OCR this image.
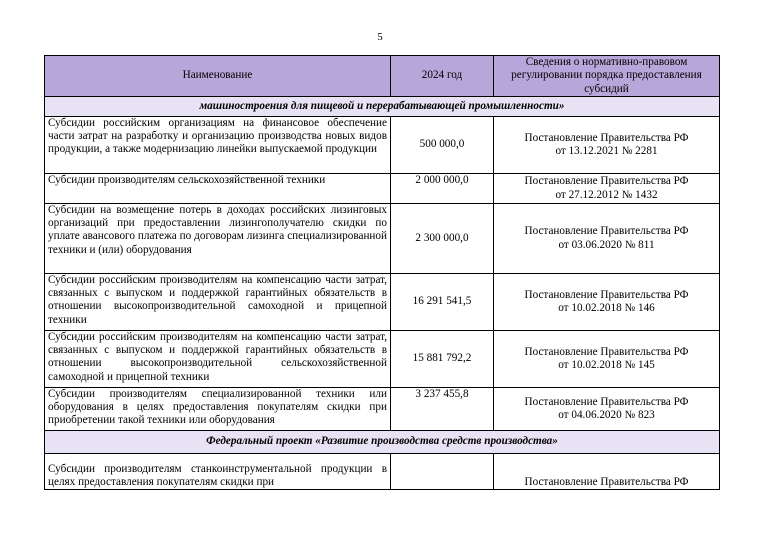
5
Наименование	2024 год	Сведения о нормативно-правовом регулировании порядка предоставления субсидий
машиностроения для пищевой и перерабатывающей промышленности»		
Субсидии российским организациям на финансовое обеспечение части затрат на разработку и организацию производства новых видов продукции, а также модернизацию линейки выпускаемой продукции	500 000,0	Постановление Правительства РФ
от 13.12.2021 № 2281
Субсидии производителям сельскохозяйственной техники	2 000 000,0	Постановление Правительства РФ
от 27.12.2012 № 1432
Субсидии на возмещение потерь в доходах российских лизинговых организаций при предоставлении лизингополучателю скидки по уплате авансового платежа по договорам лизинга специализированной техники и (или) оборудования	2 300 000,0	Постановление Правительства РФ
от 03.06.2020 № 811
Субсидии российским производителям на компенсацию части затрат, связанных с выпуском и поддержкой гарантийных обязательств в отношении высокопроизводительной самоходной и прицепной техники	16 291 541,5	Постановление Правительства РФ
от 10.02.2018 № 146
Субсидии российским производителям на компенсацию части затрат, связанных с выпуском и поддержкой гарантийных обязательств в отношении высокопроизводительной сельскохозяйственной самоходной и прицепной техники	15 881 792,2	Постановление Правительства РФ
от 10.02.2018 № 145
Субсидии производителям специализированной техники или оборудования в целях предоставления покупателям скидки при приобретении такой техники или оборудования	3 237 455,8	Постановление Правительства РФ
от 04.06.2020 № 823
Федеральный проект «Развитие производства средств производства»		
Субсидии производителям станкоинструментальной продукции в целях предоставления покупателям скидки при		Постановление Правительства РФ
